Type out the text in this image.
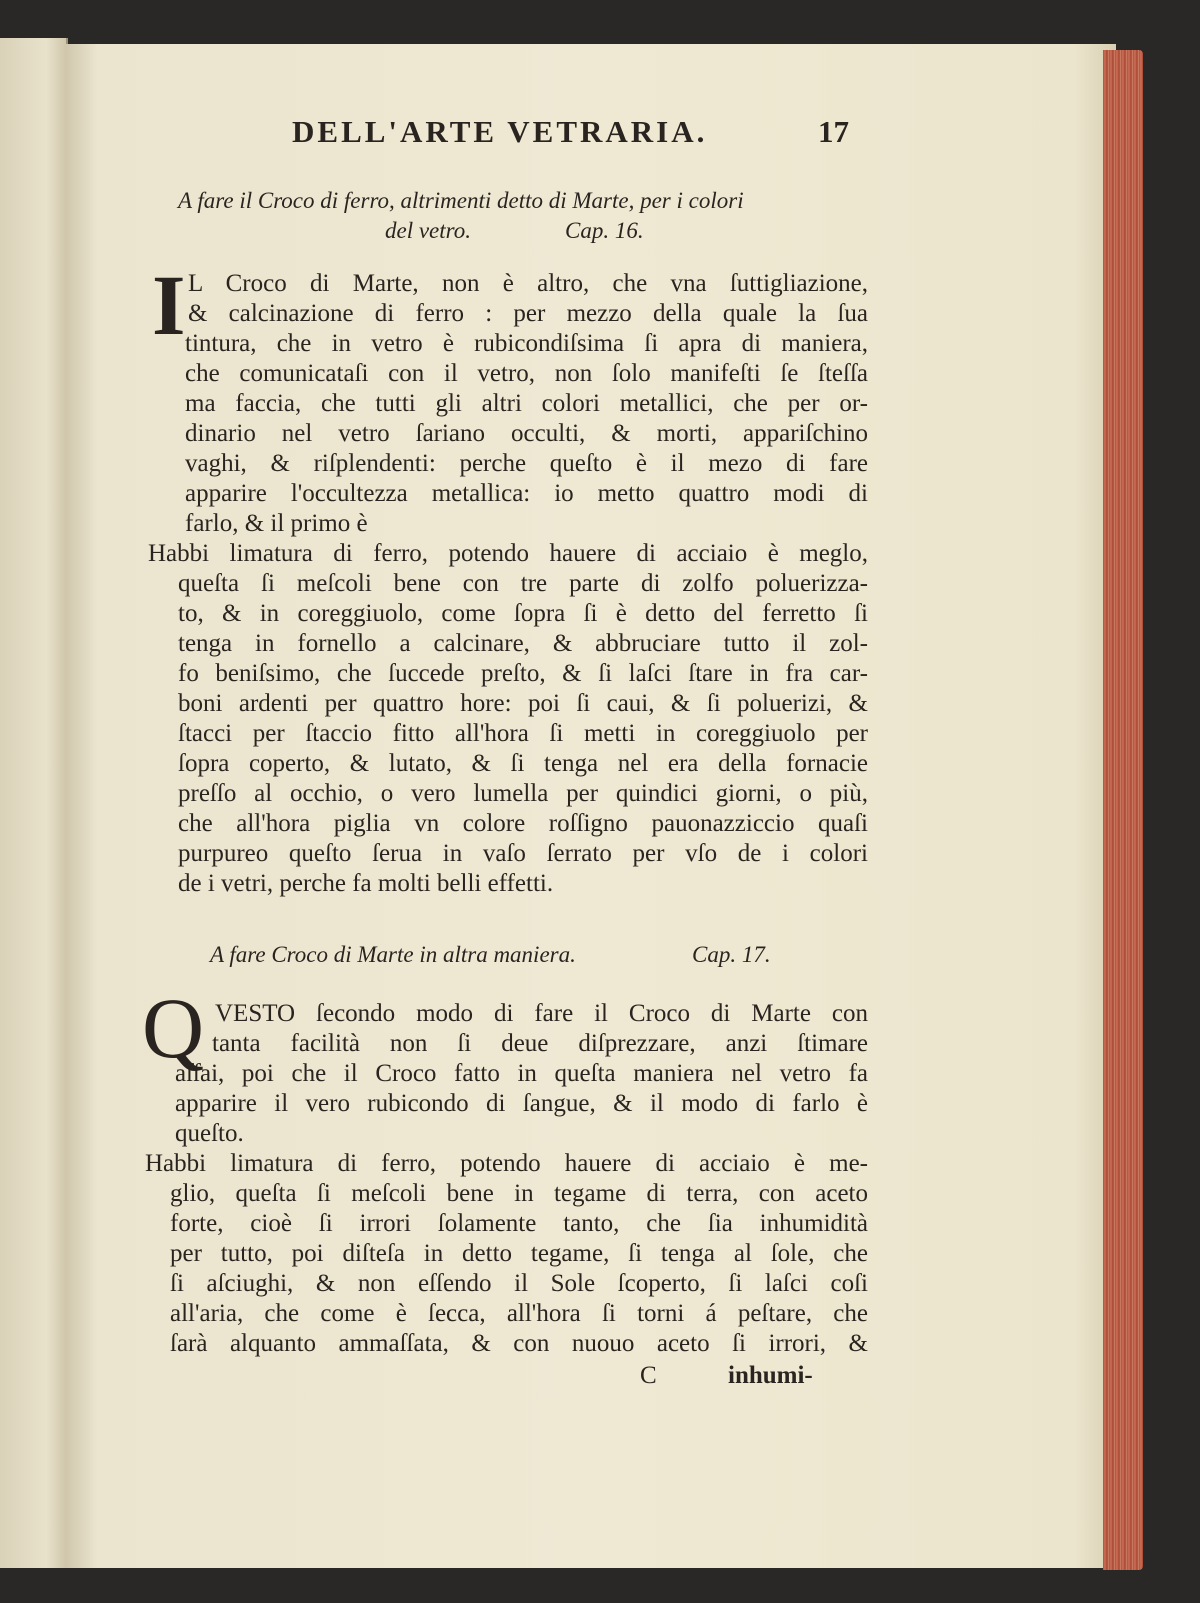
DELL'ARTE VETRARIA.	17
A fare il Croco di ferro, altrimenti detto di Marte, per i colori
del vetro.	Cap. 16.
I
A fare Croco di Marte in altra maniera.	Cap. 17.
Q
C	inhumi-
L Croco di Marte, non è altro, che vna ſuttigliazione,
& calcinazione di ferro : per mezzo della quale la ſua
tintura, che in vetro è rubicondiſsima ſi apra di maniera,
che comunicataſi con il vetro, non ſolo manifeſti ſe ſteſſa
ma faccia, che tutti gli altri colori metallici, che per or-
dinario nel vetro ſariano occulti, & morti, appariſchino
vaghi, & riſplendenti: perche queſto è il mezo di fare
apparire l'occultezza metallica: io metto quattro modi di
farlo, & il primo è
Habbi limatura di ferro, potendo hauere di acciaio è meglo,
queſta ſi meſcoli bene con tre parte di zolfo poluerizza-
to, & in coreggiuolo, come ſopra ſi è detto del ferretto ſi
tenga in fornello a calcinare, & abbruciare tutto il zol-
fo beniſsimo, che ſuccede preſto, & ſi laſci ſtare in fra car-
boni ardenti per quattro hore: poi ſi caui, & ſi poluerizi, &
ſtacci per ſtaccio fitto all'hora ſi metti in coreggiuolo per
ſopra coperto, & lutato, & ſi tenga nel era della fornacie
preſſo al occhio, o vero lumella per quindici giorni, o più,
che all'hora piglia vn colore roſſigno pauonazziccio quaſi
purpureo queſto ſerua in vaſo ſerrato per vſo de i colori
de i vetri, perche fa molti belli effetti.
VESTO ſecondo modo di fare il Croco di Marte con
tanta facilità non ſi deue diſprezzare, anzi ſtimare
aſſai, poi che il Croco fatto in queſta maniera nel vetro fa
apparire il vero rubicondo di ſangue, & il modo di farlo è
queſto.
Habbi limatura di ferro, potendo hauere di acciaio è me-
glio, queſta ſi meſcoli bene in tegame di terra, con aceto
forte, cioè ſi irrori ſolamente tanto, che ſia inhumidità
per tutto, poi diſteſa in detto tegame, ſi tenga al ſole, che
ſi aſciughi, & non eſſendo il Sole ſcoperto, ſi laſci coſi
all'aria, che come è ſecca, all'hora ſi torni á peſtare, che
ſarà alquanto ammaſſata, & con nuouo aceto ſi irrori, &
